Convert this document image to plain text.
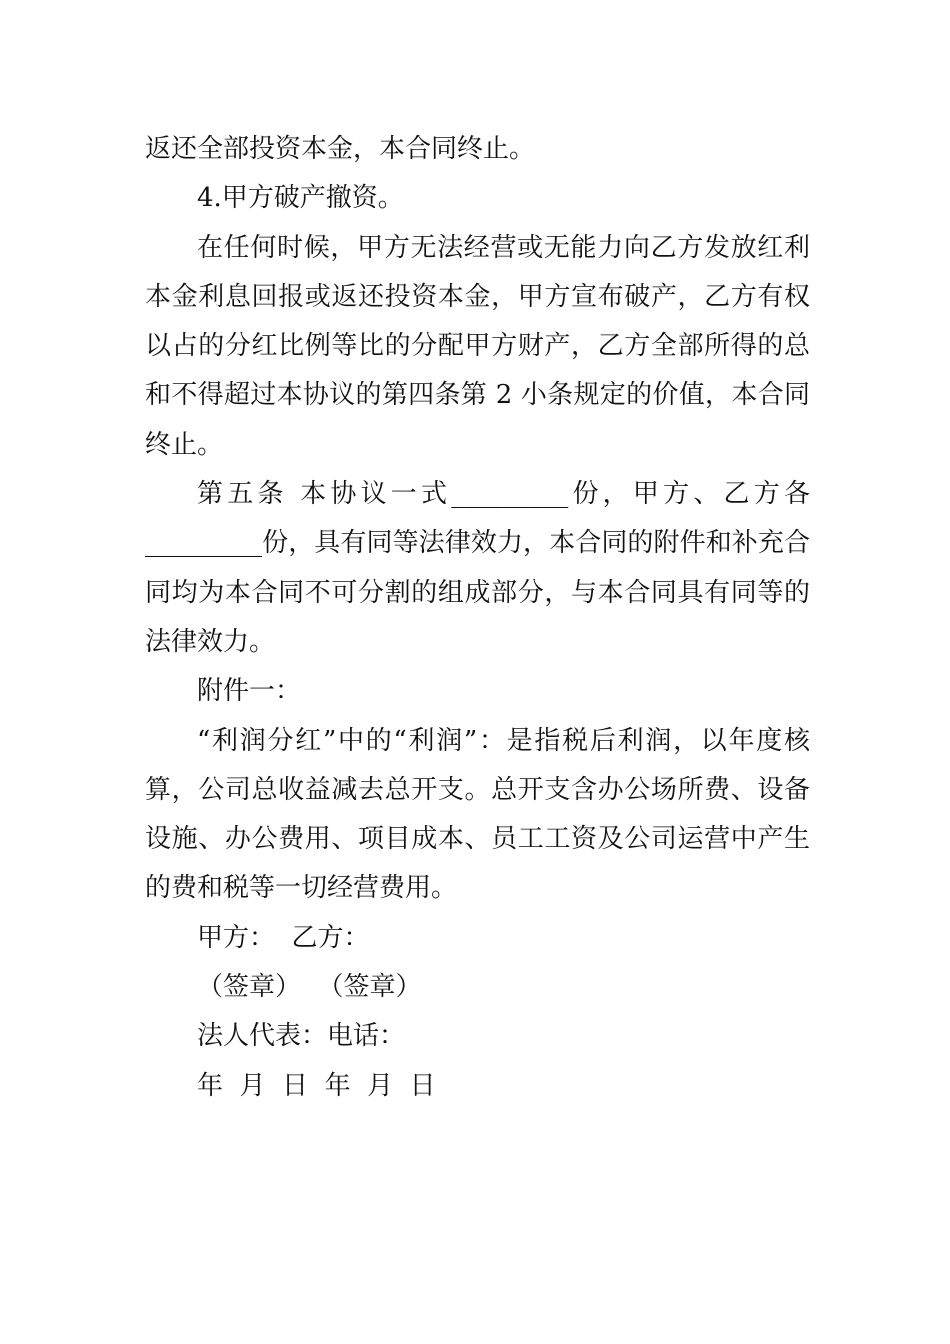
返还全部投资本金，本合同终止。

4.甲方破产撤资。

在任何时候，甲方无法经营或无能力向乙方发放红利本金利息回报或返还投资本金，甲方宣布破产，乙方有权以占的分红比例等比的分配甲方财产，乙方全部所得的总和不得超过本协议的第四条第 2 小条规定的价值，本合同终止。

第五条 本协议一式_________份，甲方、乙方各_________份，具有同等法律效力，本合同的附件和补充合同均为本合同不可分割的组成部分，与本合同具有同等的法律效力。

附件一：

“利润分红”中的“利润”：是指税后利润，以年度核算，公司总收益减去总开支。总开支含办公场所费、设备设施、办公费用、项目成本、员工工资及公司运营中产生的费和税等一切经营费用。

甲方：  乙方：

（签章）  （签章）

法人代表：电话：

年  月  日  年  月  日
